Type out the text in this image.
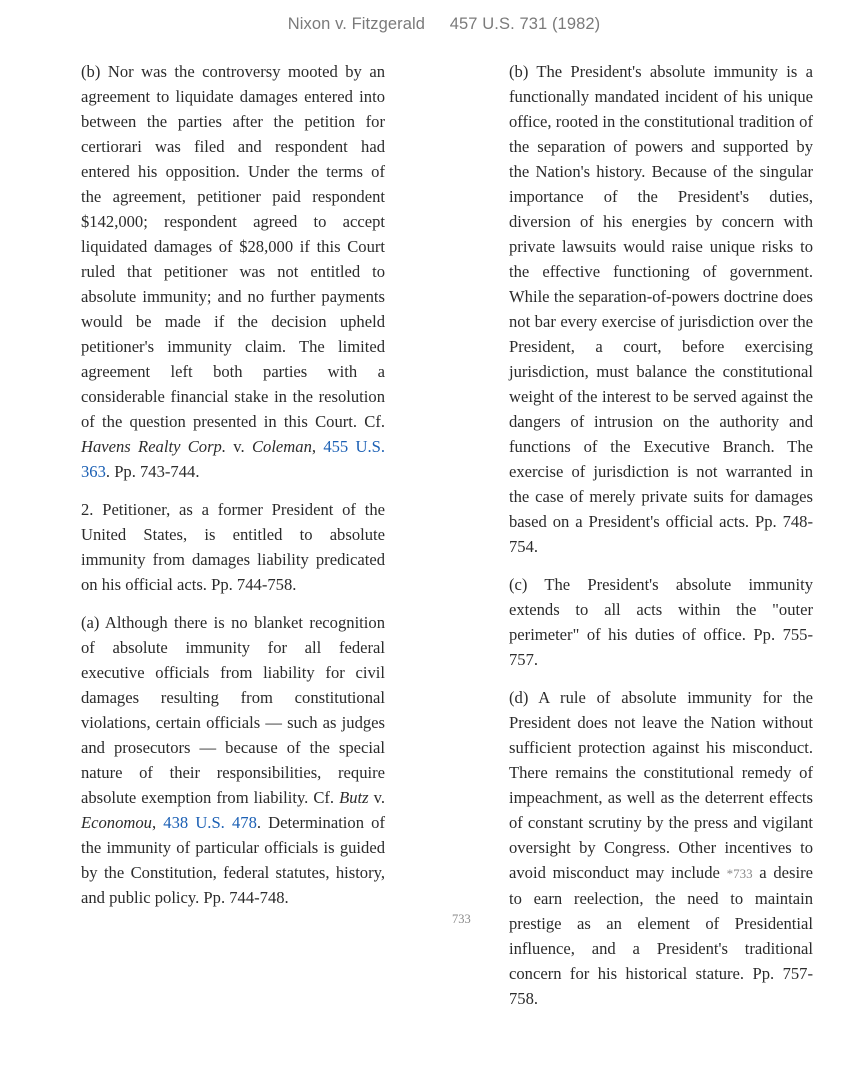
Nixon v. Fitzgerald 457 U.S. 731 (1982)

(b) Nor was the controversy mooted by an agreement to liquidate damages entered into between the parties after the petition for certiorari was filed and respondent had entered his opposition. Under the terms of the agreement, petitioner paid respondent $142,000; respondent agreed to accept liquidated damages of $28,000 if this Court ruled that petitioner was not entitled to absolute immunity; and no further payments would be made if the decision upheld petitioner's immunity claim. The limited agreement left both parties with a considerable financial stake in the resolution of the question presented in this Court. Cf. Havens Realty Corp. v. Coleman, 455 U.S. 363. Pp. 743-744.

2. Petitioner, as a former President of the United States, is entitled to absolute immunity from damages liability predicated on his official acts. Pp. 744-758.

(a) Although there is no blanket recognition of absolute immunity for all federal executive officials from liability for civil damages resulting from constitutional violations, certain officials — such as judges and prosecutors — because of the special nature of their responsibilities, require absolute exemption from liability. Cf. Butz v. Economou, 438 U.S. 478. Determination of the immunity of particular officials is guided by the Constitution, federal statutes, history, and public policy. Pp. 744-748.

733

(b) The President's absolute immunity is a functionally mandated incident of his unique office, rooted in the constitutional tradition of the separation of powers and supported by the Nation's history. Because of the singular importance of the President's duties, diversion of his energies by concern with private lawsuits would raise unique risks to the effective functioning of government. While the separation-of-powers doctrine does not bar every exercise of jurisdiction over the President, a court, before exercising jurisdiction, must balance the constitutional weight of the interest to be served against the dangers of intrusion on the authority and functions of the Executive Branch. The exercise of jurisdiction is not warranted in the case of merely private suits for damages based on a President's official acts. Pp. 748-754.

(c) The President's absolute immunity extends to all acts within the "outer perimeter" of his duties of office. Pp. 755-757.

(d) A rule of absolute immunity for the President does not leave the Nation without sufficient protection against his misconduct. There remains the constitutional remedy of impeachment, as well as the deterrent effects of constant scrutiny by the press and vigilant oversight by Congress. Other incentives to avoid misconduct may include *733 a desire to earn reelection, the need to maintain prestige as an element of Presidential influence, and a President's traditional concern for his historical stature. Pp. 757-758.
